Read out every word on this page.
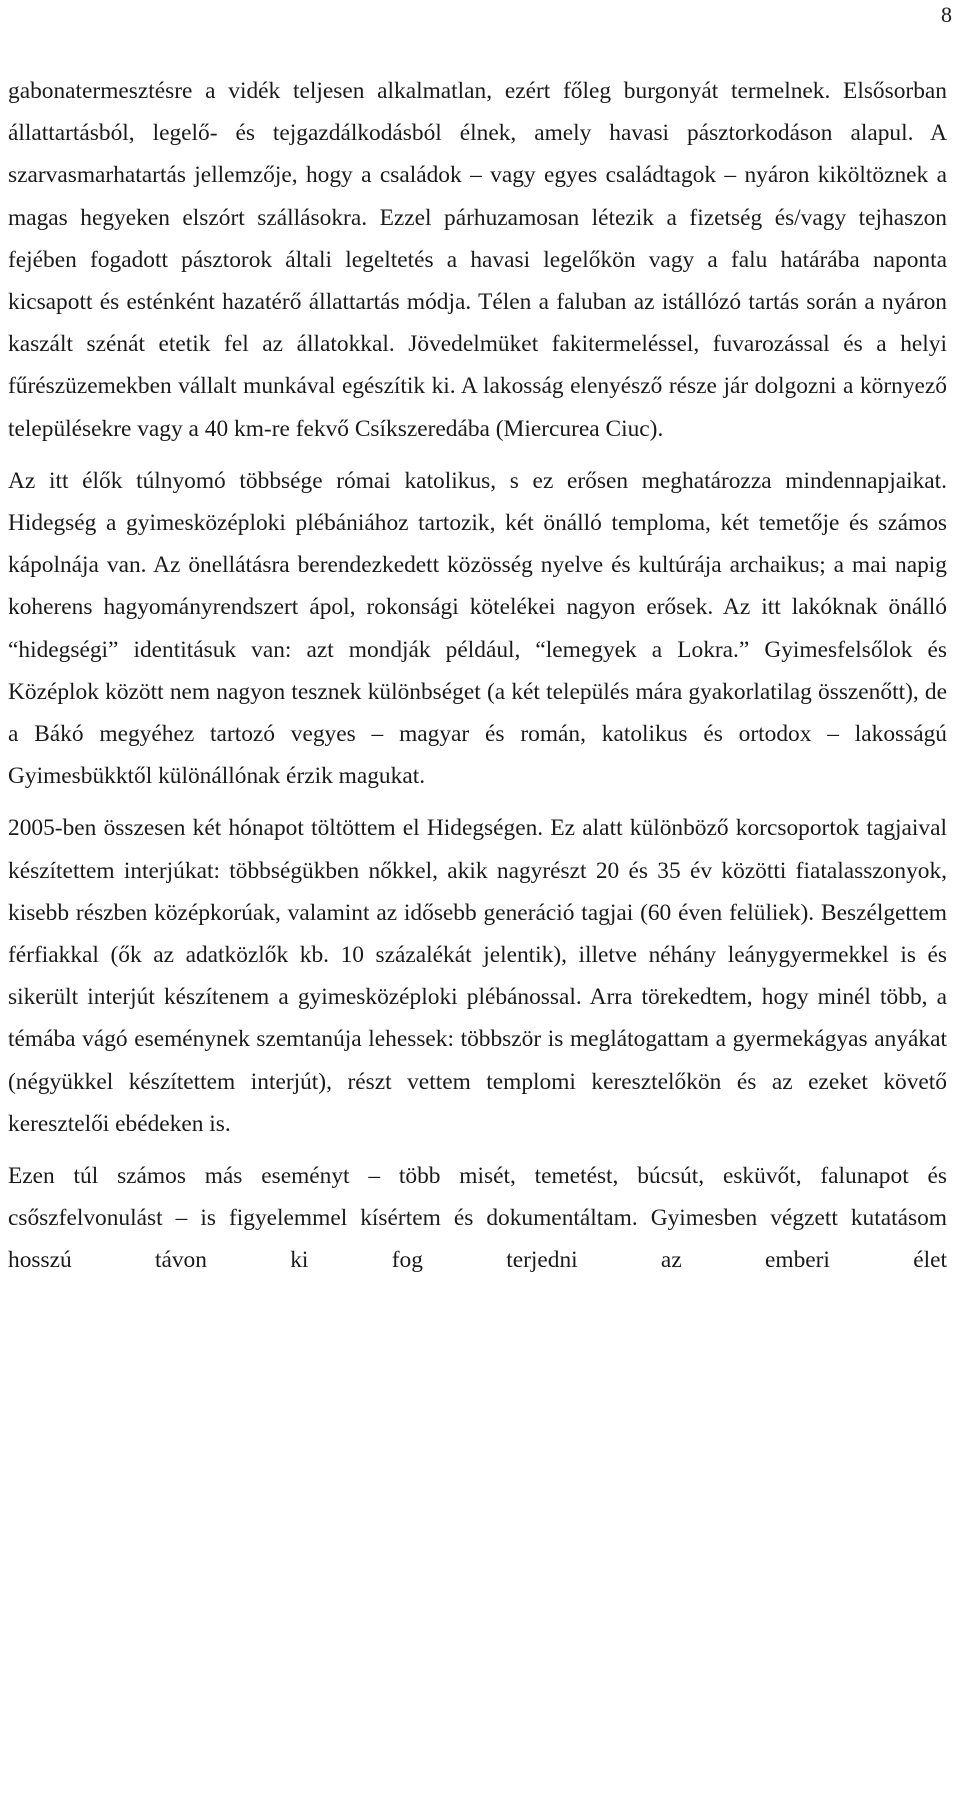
8

gabonatermesztésre a vidék teljesen alkalmatlan, ezért főleg burgonyát termelnek. Elsősorban állattartásból, legelő- és tejgazdálkodásból élnek, amely havasi pásztorkodáson alapul. A szarvasmarhatartás jellemzője, hogy a családok – vagy egyes családtagok – nyáron kiköltöznek a magas hegyeken elszórt szállásokra. Ezzel párhuzamosan létezik a fizetség és/vagy tejhaszon fejében fogadott pásztorok általi legeltetés a havasi legelőkön vagy a falu határába naponta kicsapott és esténként hazatérő állattartás módja. Télen a faluban az istállózó tartás során a nyáron kaszált szénát etetik fel az állatokkal. Jövedelmüket fakitermeléssel, fuvarozással és a helyi fűrészüzemekben vállalt munkával egészítik ki. A lakosság elenyésző része jár dolgozni a környező településekre vagy a 40 km-re fekvő Csíkszeredába (Miercurea Ciuc).

Az itt élők túlnyomó többsége római katolikus, s ez erősen meghatározza mindennapjaikat. Hidegség a gyimesközéploki plébániához tartozik, két önálló temploma, két temetője és számos kápolnája van. Az önellátásra berendezkedett közösség nyelve és kultúrája archaikus; a mai napig koherens hagyományrendszert ápol, rokonsági kötelékei nagyon erősek. Az itt lakóknak önálló “hidegségi” identitásuk van: azt mondják például, “lemegyek a Lokra.” Gyimesfelsőlok és Középlok között nem nagyon tesznek különbséget (a két település mára gyakorlatilag összenőtt), de a Bákó megyéhez tartozó vegyes – magyar és román, katolikus és ortodox – lakosságú Gyimesbükktől különállónak érzik magukat.

2005-ben összesen két hónapot töltöttem el Hidegségen. Ez alatt különböző korcsoportok tagjaival készítettem interjúkat: többségükben nőkkel, akik nagyrészt 20 és 35 év közötti fiatalasszonyok, kisebb részben középkorúak, valamint az idősebb generáció tagjai (60 éven felüliek). Beszélgettem férfiakkal (ők az adatközlők kb. 10 százalékát jelentik), illetve néhány leánygyermekkel is és sikerült interjút készítenem a gyimesközéploki plébánossal. Arra törekedtem, hogy minél több, a témába vágó eseménynek szemtanúja lehessek: többször is meglátogattam a gyermekágyas anyákat (négyükkel készítettem interjút), részt vettem templomi keresztelőkön és az ezeket követő keresztelői ebédeken is.

Ezen túl számos más eseményt – több misét, temetést, búcsút, esküvőt, falunapot és csőszfelvonulást – is figyelemmel kísértem és dokumentáltam. Gyimesben végzett kutatásom hosszú távon ki fog terjedni az emberi élet
